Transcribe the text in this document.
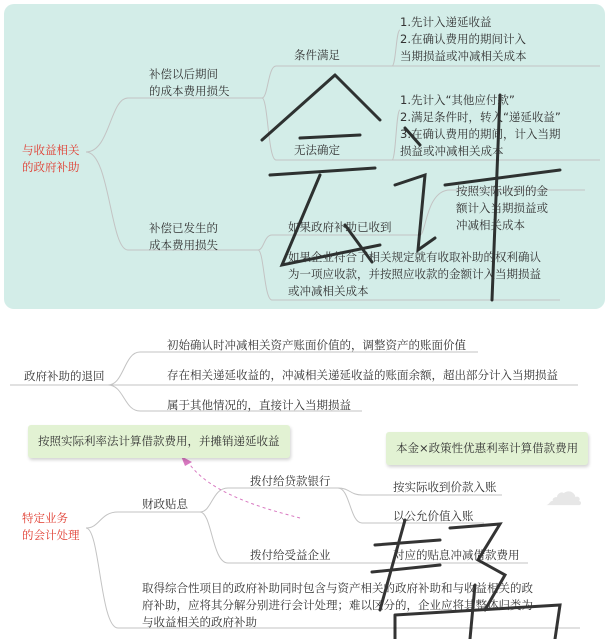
☁
与收益相关
的政府补助
补偿以后期间
的成本费用损失
条件满足
1.先计入递延收益
2.在确认费用的期间计入
当期损益或冲减相关成本
无法确定
1.先计入“其他应付款”
2.满足条件时，转入“递延收益”
3.在确认费用的期间，计入当期
损益或冲减相关成本
补偿已发生的
成本费用损失
如果政府补助已收到
按照实际收到的金
额计入当期损益或
冲减相关成本
如果企业符合了相关规定就有收取补助的权利确认
为一项应收款，并按照应收款的金额计入当期损益
或冲减相关成本
政府补助的退回
初始确认时冲减相关资产账面价值的，调整资产的账面价值
存在相关递延收益的，冲减相关递延收益的账面余额，超出部分计入当期损益
属于其他情况的，直接计入当期损益
按照实际利率法计算借款费用，并摊销递延收益	本金×政策性优惠利率计算借款费用
特定业务
的会计处理
财政贴息
拨付给贷款银行	按实际收到价款入账
以公允价值入账
拨付给受益企业	对应的贴息冲减借款费用
取得综合性项目的政府补助同时包含与资产相关的政府补助和与收益相关的政
府补助，应将其分解分别进行会计处理；难以区分的，企业应将其整体归类为
与收益相关的政府补助
